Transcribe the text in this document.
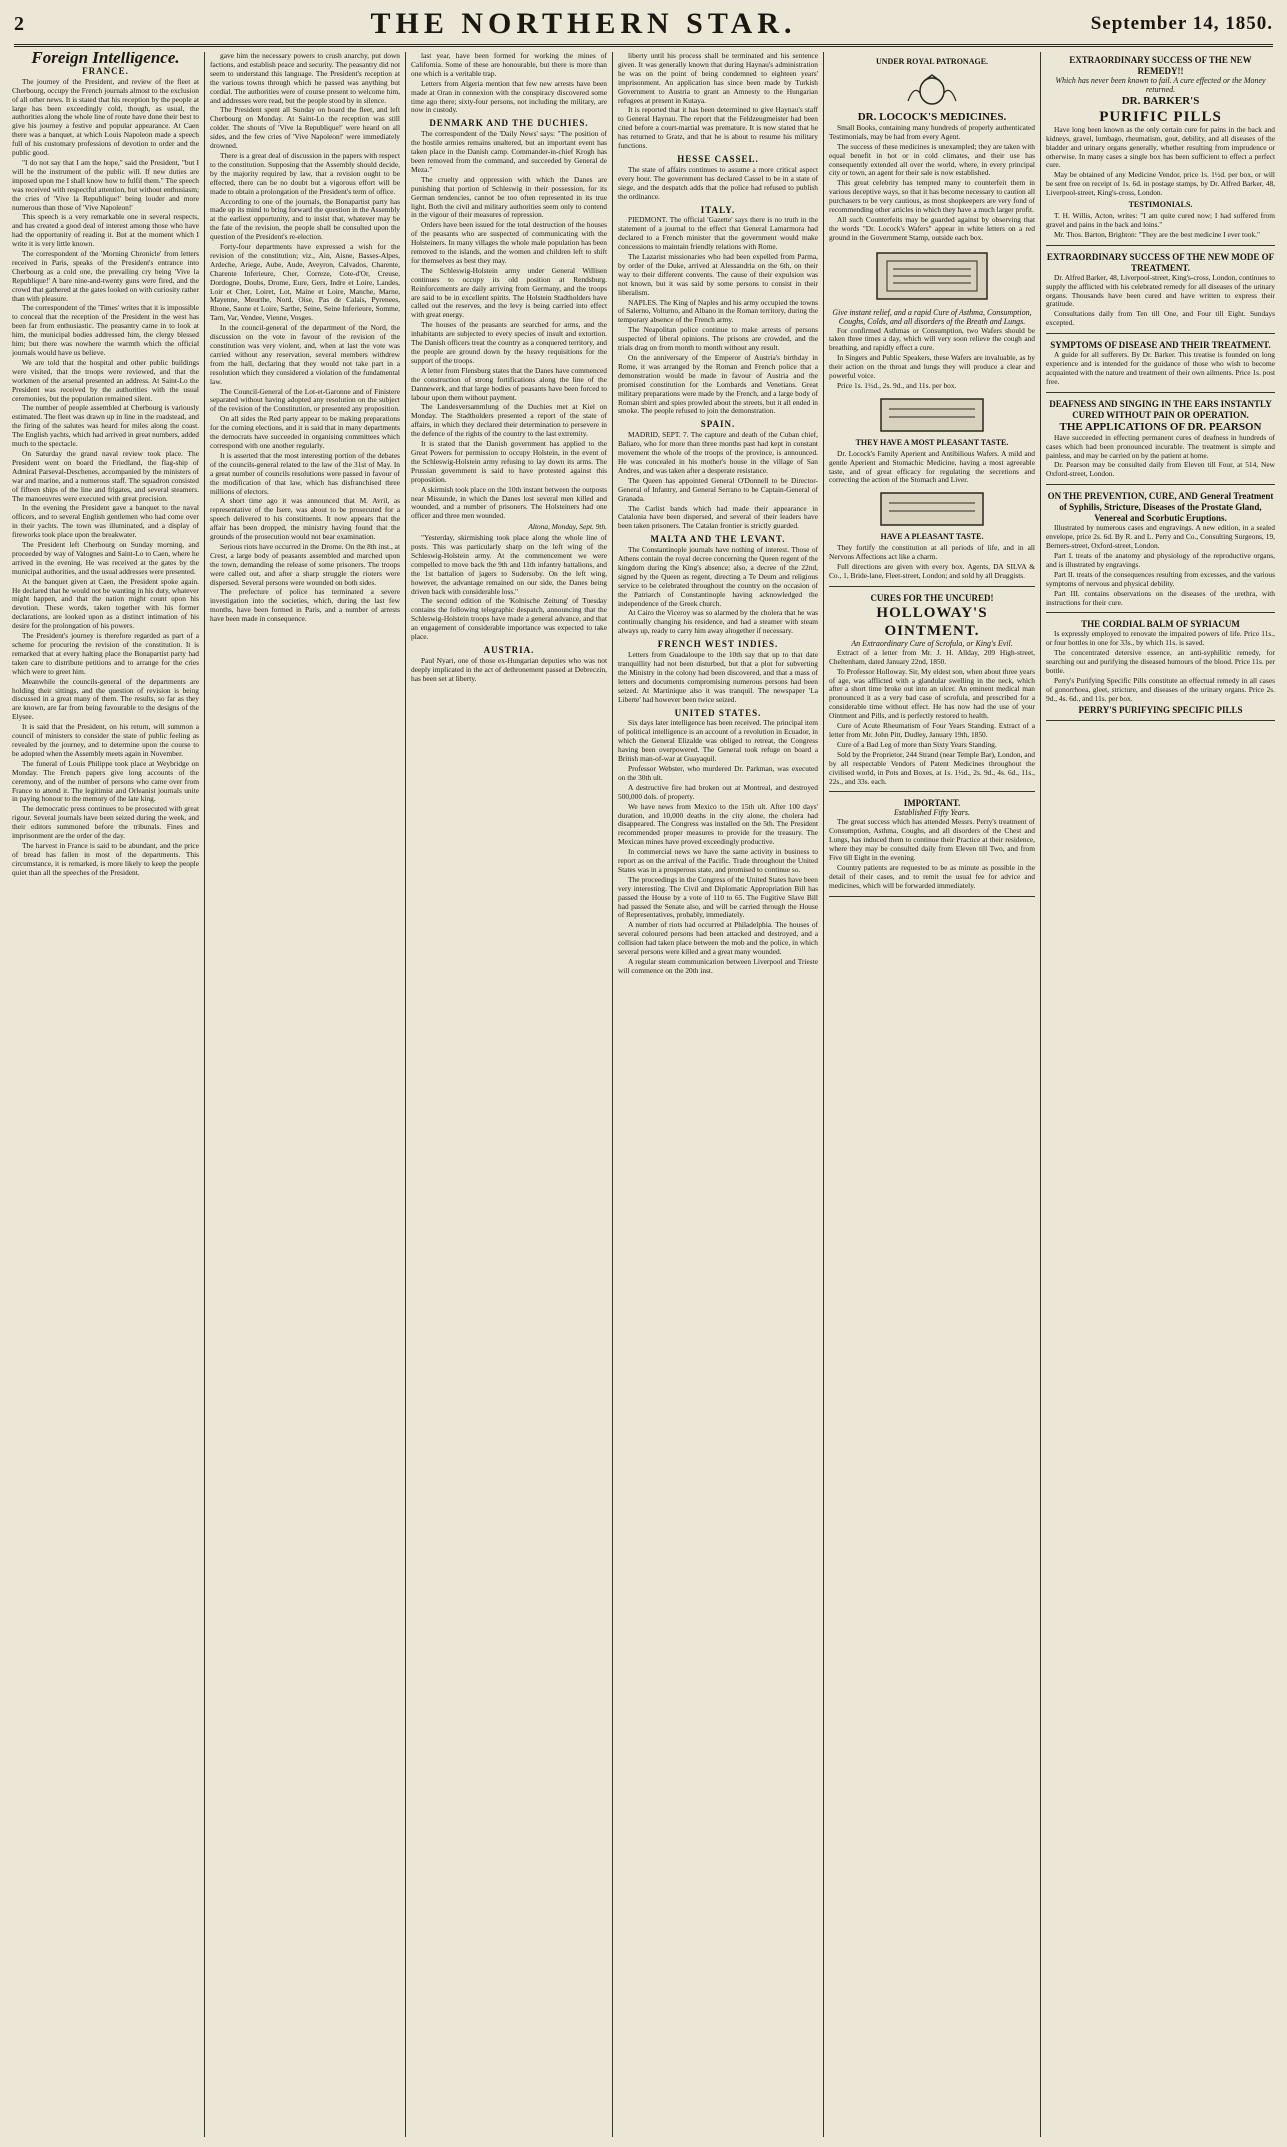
2	THE NORTHERN STAR.	September 14, 1850.
Foreign Intelligence.
FRANCE.

The journey of the President, and review of the fleet at Cherbourg, occupy the French journals almost to the exclusion of all other news. It is stated that his reception by the people at large has been exceedingly cold, though, as usual, the authorities along the whole line of route have done their best to give his journey a festive and popular appearance. At Caen there was a banquet, at which Louis Napoleon made a speech full of his customary professions of devotion to order and the public good.

"I do not say that I am the hope," said the President, "but I will be the instrument of the public will. If new duties are imposed upon me I shall know how to fulfil them." The speech was received with respectful attention, but without enthusiasm; the cries of 'Vive la Republique!' being louder and more numerous than those of 'Vive Napoleon!'

This speech is a very remarkable one in several respects, and has created a good deal of interest among those who have had the opportunity of reading it. But at the moment which I write it is very little known.

The correspondent of the 'Morning Chronicle' from letters received in Paris, speaks of the President's entrance into Cherbourg as a cold one, the prevailing cry being 'Vive la Republique!' A bare nine-and-twenty guns were fired, and the crowd that gathered at the gates looked on with curiosity rather than with pleasure.

The correspondent of the 'Times' writes that it is impossible to conceal that the reception of the President in the west has been far from enthusiastic. The peasantry came in to look at him, the municipal bodies addressed him, the clergy blessed him; but there was nowhere the warmth which the official journals would have us believe.

We are told that the hospital and other public buildings were visited, that the troops were reviewed, and that the workmen of the arsenal presented an address. At Saint-Lo the President was received by the authorities with the usual ceremonies, but the population remained silent.

The number of people assembled at Cherbourg is variously estimated. The fleet was drawn up in line in the roadstead, and the firing of the salutes was heard for miles along the coast. The English yachts, which had arrived in great numbers, added much to the spectacle.

On Saturday the grand naval review took place. The President went on board the Friedland, the flag-ship of Admiral Parseval-Deschenes, accompanied by the ministers of war and marine, and a numerous staff. The squadron consisted of fifteen ships of the line and frigates, and several steamers. The manoeuvres were executed with great precision.

In the evening the President gave a banquet to the naval officers, and to several English gentlemen who had come over in their yachts. The town was illuminated, and a display of fireworks took place upon the breakwater.

The President left Cherbourg on Sunday morning, and proceeded by way of Valognes and Saint-Lo to Caen, where he arrived in the evening. He was received at the gates by the municipal authorities, and the usual addresses were presented.

At the banquet given at Caen, the President spoke again. He declared that he would not be wanting in his duty, whatever might happen, and that the nation might count upon his devotion. These words, taken together with his former declarations, are looked upon as a distinct intimation of his desire for the prolongation of his powers.

The President's journey is therefore regarded as part of a scheme for procuring the revision of the constitution. It is remarked that at every halting place the Bonapartist party had taken care to distribute petitions and to arrange for the cries which were to greet him.

Meanwhile the councils-general of the departments are holding their sittings, and the question of revision is being discussed in a great many of them. The results, so far as they are known, are far from being favourable to the designs of the Elysee.

It is said that the President, on his return, will summon a council of ministers to consider the state of public feeling as revealed by the journey, and to determine upon the course to be adopted when the Assembly meets again in November.

The funeral of Louis Philippe took place at Weybridge on Monday. The French papers give long accounts of the ceremony, and of the number of persons who came over from France to attend it. The legitimist and Orleanist journals unite in paying honour to the memory of the late king.

The democratic press continues to be prosecuted with great rigour. Several journals have been seized during the week, and their editors summoned before the tribunals. Fines and imprisonment are the order of the day.

The harvest in France is said to be abundant, and the price of bread has fallen in most of the departments. This circumstance, it is remarked, is more likely to keep the people quiet than all the speeches of the President.

gave him the necessary powers to crush anarchy, put down factions, and establish peace and security. The peasantry did not seem to understand this language. The President's reception at the various towns through which he passed was anything but cordial. The authorities were of course present to welcome him, and addresses were read, but the people stood by in silence.

The President spent all Sunday on board the fleet, and left Cherbourg on Monday. At Saint-Lo the reception was still colder. The shouts of 'Vive la Republique!' were heard on all sides, and the few cries of 'Vive Napoleon!' were immediately drowned.

There is a great deal of discussion in the papers with respect to the constitution. Supposing that the Assembly should decide, by the majority required by law, that a revision ought to be effected, there can be no doubt but a vigorous effort will be made to obtain a prolongation of the President's term of office.

According to one of the journals, the Bonapartist party has made up its mind to bring forward the question in the Assembly at the earliest opportunity, and to insist that, whatever may be the fate of the revision, the people shall be consulted upon the question of the President's re-election.

Forty-four departments have expressed a wish for the revision of the constitution; viz., Ain, Aisne, Basses-Alpes, Ardeche, Ariege, Aube, Aude, Aveyron, Calvados, Charente, Charente Inferieure, Cher, Correze, Cote-d'Or, Creuse, Dordogne, Doubs, Drome, Eure, Gers, Indre et Loire, Landes, Loir et Cher, Loiret, Lot, Maine et Loire, Manche, Marne, Mayenne, Meurthe, Nord, Oise, Pas de Calais, Pyrenees, Rhone, Saone et Loire, Sarthe, Seine, Seine Inferieure, Somme, Tarn, Var, Vendee, Vienne, Vosges.

In the council-general of the department of the Nord, the discussion on the vote in favour of the revision of the constitution was very violent, and, when at last the vote was carried without any reservation, several members withdrew from the hall, declaring that they would not take part in a resolution which they considered a violation of the fundamental law.

The Council-General of the Lot-et-Garonne and of Finistere separated without having adopted any resolution on the subject of the revision of the Constitution, or presented any proposition.

On all sides the Red party appear to be making preparations for the coming elections, and it is said that in many departments the democrats have succeeded in organising committees which correspond with one another regularly.

It is asserted that the most interesting portion of the debates of the councils-general related to the law of the 31st of May. In a great number of councils resolutions were passed in favour of the modification of that law, which has disfranchised three millions of electors.

A short time ago it was announced that M. Avril, as representative of the Isere, was about to be prosecuted for a speech delivered to his constituents. It now appears that the affair has been dropped, the ministry having found that the grounds of the prosecution would not bear examination.

Serious riots have occurred in the Drome. On the 8th inst., at Crest, a large body of peasants assembled and marched upon the town, demanding the release of some prisoners. The troops were called out, and after a sharp struggle the rioters were dispersed. Several persons were wounded on both sides.

The prefecture of police has terminated a severe investigation into the societies, which, during the last few months, have been formed in Paris, and a number of arrests have been made in consequence.

last year, have been formed for working the mines of California. Some of these are honourable, but there is more than one which is a veritable trap.

Letters from Algeria mention that few new arrests have been made at Oran in connexion with the conspiracy discovered some time ago there; sixty-four persons, not including the military, are now in custody.

DENMARK AND THE DUCHIES.

The correspondent of the 'Daily News' says: "The position of the hostile armies remains unaltered, but an important event has taken place in the Danish camp. Commander-in-chief Krogh has been removed from the command, and succeeded by General de Meza."

The cruelty and oppression with which the Danes are punishing that portion of Schleswig in their possession, for its German tendencies, cannot be too often represented in its true light. Both the civil and military authorities seem only to contend in the vigour of their measures of repression.

Orders have been issued for the total destruction of the houses of the peasants who are suspected of communicating with the Holsteiners. In many villages the whole male population has been removed to the islands, and the women and children left to shift for themselves as best they may.

The Schleswig-Holstein army under General Willisen continues to occupy its old position at Rendsburg. Reinforcements are daily arriving from Germany, and the troops are said to be in excellent spirits. The Holstein Stadtholders have called out the reserves, and the levy is being carried into effect with great energy.

The houses of the peasants are searched for arms, and the inhabitants are subjected to every species of insult and extortion. The Danish officers treat the country as a conquered territory, and the people are ground down by the heavy requisitions for the support of the troops.

A letter from Flensburg states that the Danes have commenced the construction of strong fortifications along the line of the Dannewerk, and that large bodies of peasants have been forced to labour upon them without payment.

The Landesversammlung of the Duchies met at Kiel on Monday. The Stadtholders presented a report of the state of affairs, in which they declared their determination to persevere in the defence of the rights of the country to the last extremity.

It is stated that the Danish government has applied to the Great Powers for permission to occupy Holstein, in the event of the Schleswig-Holstein army refusing to lay down its arms. The Prussian government is said to have protested against this proposition.

A skirmish took place on the 10th instant between the outposts near Missunde, in which the Danes lost several men killed and wounded, and a number of prisoners. The Holsteiners had one officer and three men wounded.

Altona, Monday, Sept. 9th.

"Yesterday, skirmishing took place along the whole line of posts. This was particularly sharp on the left wing of the Schleswig-Holstein army. At the commencement we were compelled to move back the 9th and 11th infantry battalions, and the 1st battalion of jagers to Sudersoby. On the left wing, however, the advantage remained on our side, the Danes being driven back with considerable loss."

The second edition of the 'Kolnische Zeitung' of Tuesday contains the following telegraphic despatch, announcing that the Schleswig-Holstein troops have made a general advance, and that an engagement of considerable importance was expected to take place.

AUSTRIA.

Paul Nyari, one of those ex-Hungarian deputies who was not deeply implicated in the act of dethronement passed at Debreczin, has been set at liberty.

liberty until his process shall be terminated and his sentence given. It was generally known that during Haynau's administration he was on the point of being condemned to eighteen years' imprisonment. An application has since been made by Turkish Government to Austria to grant an Amnesty to the Hungarian refugees at present in Kutaya.

It is reported that it has been determined to give Haynau's staff to General Haynau. The report that the Feldzeugmeister had been cited before a court-martial was premature. It is now stated that he has returned to Gratz, and that he is about to resume his military functions.

HESSE CASSEL.

The state of affairs continues to assume a more critical aspect every hour. The government has declared Cassel to be in a state of siege, and the despatch adds that the police had refused to publish the ordinance.

ITALY.

PIEDMONT. The official 'Gazette' says there is no truth in the statement of a journal to the effect that General Lamarmora had declared to a French minister that the government would make concessions to maintain friendly relations with Rome.

The Lazarist missionaries who had been expelled from Parma, by order of the Duke, arrived at Alessandria on the 6th, on their way to their different convents. The cause of their expulsion was not known, but it was said by some persons to consist in their liberalism.

NAPLES. The King of Naples and his army occupied the towns of Salerno, Volturno, and Albano in the Roman territory, during the temporary absence of the French army.

The Neapolitan police continue to make arrests of persons suspected of liberal opinions. The prisons are crowded, and the trials drag on from month to month without any result.

On the anniversary of the Emperor of Austria's birthday in Rome, it was arranged by the Roman and French police that a demonstration would be made in favour of Austria and the promised constitution for the Lombards and Venetians. Great military preparations were made by the French, and a large body of Roman sbirri and spies prowled about the streets, but it all ended in smoke. The people refused to join the demonstration.

SPAIN.

MADRID, SEPT. 7. The capture and death of the Cuban chief, Baliaro, who for more than three months past had kept in constant movement the whole of the troops of the province, is announced. He was concealed in his mother's house in the village of San Andres, and was taken after a desperate resistance.

The Queen has appointed General O'Donnell to be Director-General of Infantry, and General Serrano to be Captain-General of Granada.

The Carlist bands which had made their appearance in Catalonia have been dispersed, and several of their leaders have been taken prisoners. The Catalan frontier is strictly guarded.

MALTA AND THE LEVANT.

The Constantinople journals have nothing of interest. Those of Athens contain the royal decree concerning the Queen regent of the kingdom during the King's absence; also, a decree of the 22nd, signed by the Queen as regent, directing a Te Deum and religious service to be celebrated throughout the country on the occasion of the Patriarch of Constantinople having acknowledged the independence of the Greek church.

At Cairo the Viceroy was so alarmed by the cholera that he was continually changing his residence, and had a steamer with steam always up, ready to carry him away altogether if necessary.

FRENCH WEST INDIES.

Letters from Guadaloupe to the 10th say that up to that date tranquillity had not been disturbed, but that a plot for subverting the Ministry in the colony had been discovered, and that a mass of letters and documents compromising numerous persons had been seized. At Martinique also it was tranquil. The newspaper 'La Liberte' had however been twice seized.

UNITED STATES.

Six days later intelligence has been received. The principal item of political intelligence is an account of a revolution in Ecuador, in which the General Elizalde was obliged to retreat, the Congress having been overpowered. The General took refuge on board a British man-of-war at Guayaquil.

Professor Webster, who murdered Dr. Parkman, was executed on the 30th ult.

A destructive fire had broken out at Montreal, and destroyed 500,000 dols. of property.

We have news from Mexico to the 15th ult. After 100 days' duration, and 10,000 deaths in the city alone, the cholera had disappeared. The Congress was installed on the 5th. The President recommended proper measures to provide for the treasury. The Mexican mines have proved exceedingly productive.

In commercial news we have the same activity in business to report as on the arrival of the Pacific. Trade throughout the United States was in a prosperous state, and promised to continue so.

The proceedings in the Congress of the United States have been very interesting. The Civil and Diplomatic Appropriation Bill has passed the House by a vote of 110 to 65. The Fugitive Slave Bill had passed the Senate also, and will be carried through the House of Representatives, probably, immediately.

A number of riots had occurred at Philadelphia. The houses of several coloured persons had been attacked and destroyed, and a collision had taken place between the mob and the police, in which several persons were killed and a great many wounded.

A regular steam communication between Liverpool and Trieste will commence on the 20th inst.

UNDER ROYAL PATRONAGE.
DR. LOCOCK'S MEDICINES.

Small Books, containing many hundreds of properly authenticated Testimonials, may be had from every Agent.

The success of these medicines is unexampled; they are taken with equal benefit in hot or in cold climates, and their use has consequently extended all over the world, where, in every principal city or town, an agent for their sale is now established.

This great celebrity has tempted many to counterfeit them in various deceptive ways, so that it has become necessary to caution all purchasers to be very cautious, as most shopkeepers are very fond of recommending other articles in which they have a much larger profit.

All such Counterfeits may be guarded against by observing that the words "Dr. Locock's Wafers" appear in white letters on a red ground in the Government Stamp, outside each box.

Give instant relief, and a rapid Cure of Asthma, Consumption, Coughs, Colds, and all disorders of the Breath and Lungs.

For confirmed Asthmas or Consumption, two Wafers should be taken three times a day, which will very soon relieve the cough and breathing, and rapidly effect a cure.

In Singers and Public Speakers, these Wafers are invaluable, as by their action on the throat and lungs they will produce a clear and powerful voice.

Price 1s. 1½d., 2s. 9d., and 11s. per box.

THEY HAVE A MOST PLEASANT TASTE.

Dr. Locock's Family Aperient and Antibilious Wafers. A mild and gentle Aperient and Stomachic Medicine, having a most agreeable taste, and of great efficacy for regulating the secretions and correcting the action of the Stomach and Liver.

HAVE A PLEASANT TASTE.

They fortify the constitution at all periods of life, and in all Nervous Affections act like a charm.

Full directions are given with every box. Agents, DA SILVA & Co., 1, Bride-lane, Fleet-street, London; and sold by all Druggists.

CURES FOR THE UNCURED!
HOLLOWAY'S OINTMENT.
An Extraordinary Cure of Scrofula, or King's Evil.

Extract of a letter from Mr. J. H. Allday, 209 High-street, Cheltenham, dated January 22nd, 1850.

To Professor Holloway. Sir, My eldest son, when about three years of age, was afflicted with a glandular swelling in the neck, which after a short time broke out into an ulcer. An eminent medical man pronounced it as a very bad case of scrofula, and prescribed for a considerable time without effect. He has now had the use of your Ointment and Pills, and is perfectly restored to health.

Cure of Acute Rheumatism of Four Years Standing. Extract of a letter from Mr. John Pitt, Dudley, January 19th, 1850.

Cure of a Bad Leg of more than Sixty Years Standing.

Sold by the Proprietor, 244 Strand (near Temple Bar), London, and by all respectable Vendors of Patent Medicines throughout the civilised world, in Pots and Boxes, at 1s. 1½d., 2s. 9d., 4s. 6d., 11s., 22s., and 33s. each.

IMPORTANT.
Established Fifty Years.

The great success which has attended Messrs. Perry's treatment of Consumption, Asthma, Coughs, and all disorders of the Chest and Lungs, has induced them to continue their Practice at their residence, where they may be consulted daily from Eleven till Two, and from Five till Eight in the evening.

Country patients are requested to be as minute as possible in the detail of their cases, and to remit the usual fee for advice and medicines, which will be forwarded immediately.

EXTRAORDINARY SUCCESS OF THE NEW REMEDY!!
Which has never been known to fail. A cure effected or the Money returned.
DR. BARKER'S
PURIFIC PILLS

Have long been known as the only certain cure for pains in the back and kidneys, gravel, lumbago, rheumatism, gout, debility, and all diseases of the bladder and urinary organs generally, whether resulting from imprudence or otherwise. In many cases a single box has been sufficient to effect a perfect cure.

May be obtained of any Medicine Vendor, price 1s. 1½d. per box, or will be sent free on receipt of 1s. 6d. in postage stamps, by Dr. Alfred Barker, 48, Liverpool-street, King's-cross, London.

TESTIMONIALS.

T. H. Willis, Acton, writes: "I am quite cured now; I had suffered from gravel and pains in the back and loins."

Mr. Thos. Barton, Brighton: "They are the best medicine I ever took."

EXTRAORDINARY SUCCESS OF THE NEW MODE OF TREATMENT.

Dr. Alfred Barker, 48, Liverpool-street, King's-cross, London, continues to supply the afflicted with his celebrated remedy for all diseases of the urinary organs. Thousands have been cured and have written to express their gratitude.

Consultations daily from Ten till One, and Four till Eight. Sundays excepted.

SYMPTOMS OF DISEASE AND THEIR TREATMENT.

A guide for all sufferers. By Dr. Barker. This treatise is founded on long experience and is intended for the guidance of those who wish to become acquainted with the nature and treatment of their own ailments. Price 1s. post free.

DEAFNESS AND SINGING IN THE EARS INSTANTLY CURED WITHOUT PAIN OR OPERATION.
THE APPLICATIONS OF DR. PEARSON

Have succeeded in effecting permanent cures of deafness in hundreds of cases which had been pronounced incurable. The treatment is simple and painless, and may be carried on by the patient at home.

Dr. Pearson may be consulted daily from Eleven till Four, at 514, New Oxford-street, London.

ON THE PREVENTION, CURE, AND General Treatment of Syphilis, Stricture, Diseases of the Prostate Gland, Venereal and Scorbutic Eruptions.

Illustrated by numerous cases and engravings. A new edition, in a sealed envelope, price 2s. 6d. By R. and L. Perry and Co., Consulting Surgeons, 19, Berners-street, Oxford-street, London.

Part I. treats of the anatomy and physiology of the reproductive organs, and is illustrated by engravings.

Part II. treats of the consequences resulting from excesses, and the various symptoms of nervous and physical debility.

Part III. contains observations on the diseases of the urethra, with instructions for their cure.

THE CORDIAL BALM OF SYRIACUM

Is expressly employed to renovate the impaired powers of life. Price 11s., or four bottles in one for 33s., by which 11s. is saved.

The concentrated detersive essence, an anti-syphilitic remedy, for searching out and purifying the diseased humours of the blood. Price 11s. per bottle.

Perry's Purifying Specific Pills constitute an effectual remedy in all cases of gonorrhoea, gleet, stricture, and diseases of the urinary organs. Price 2s. 9d., 4s. 6d., and 11s. per box.

PERRY'S PURIFYING SPECIFIC PILLS
